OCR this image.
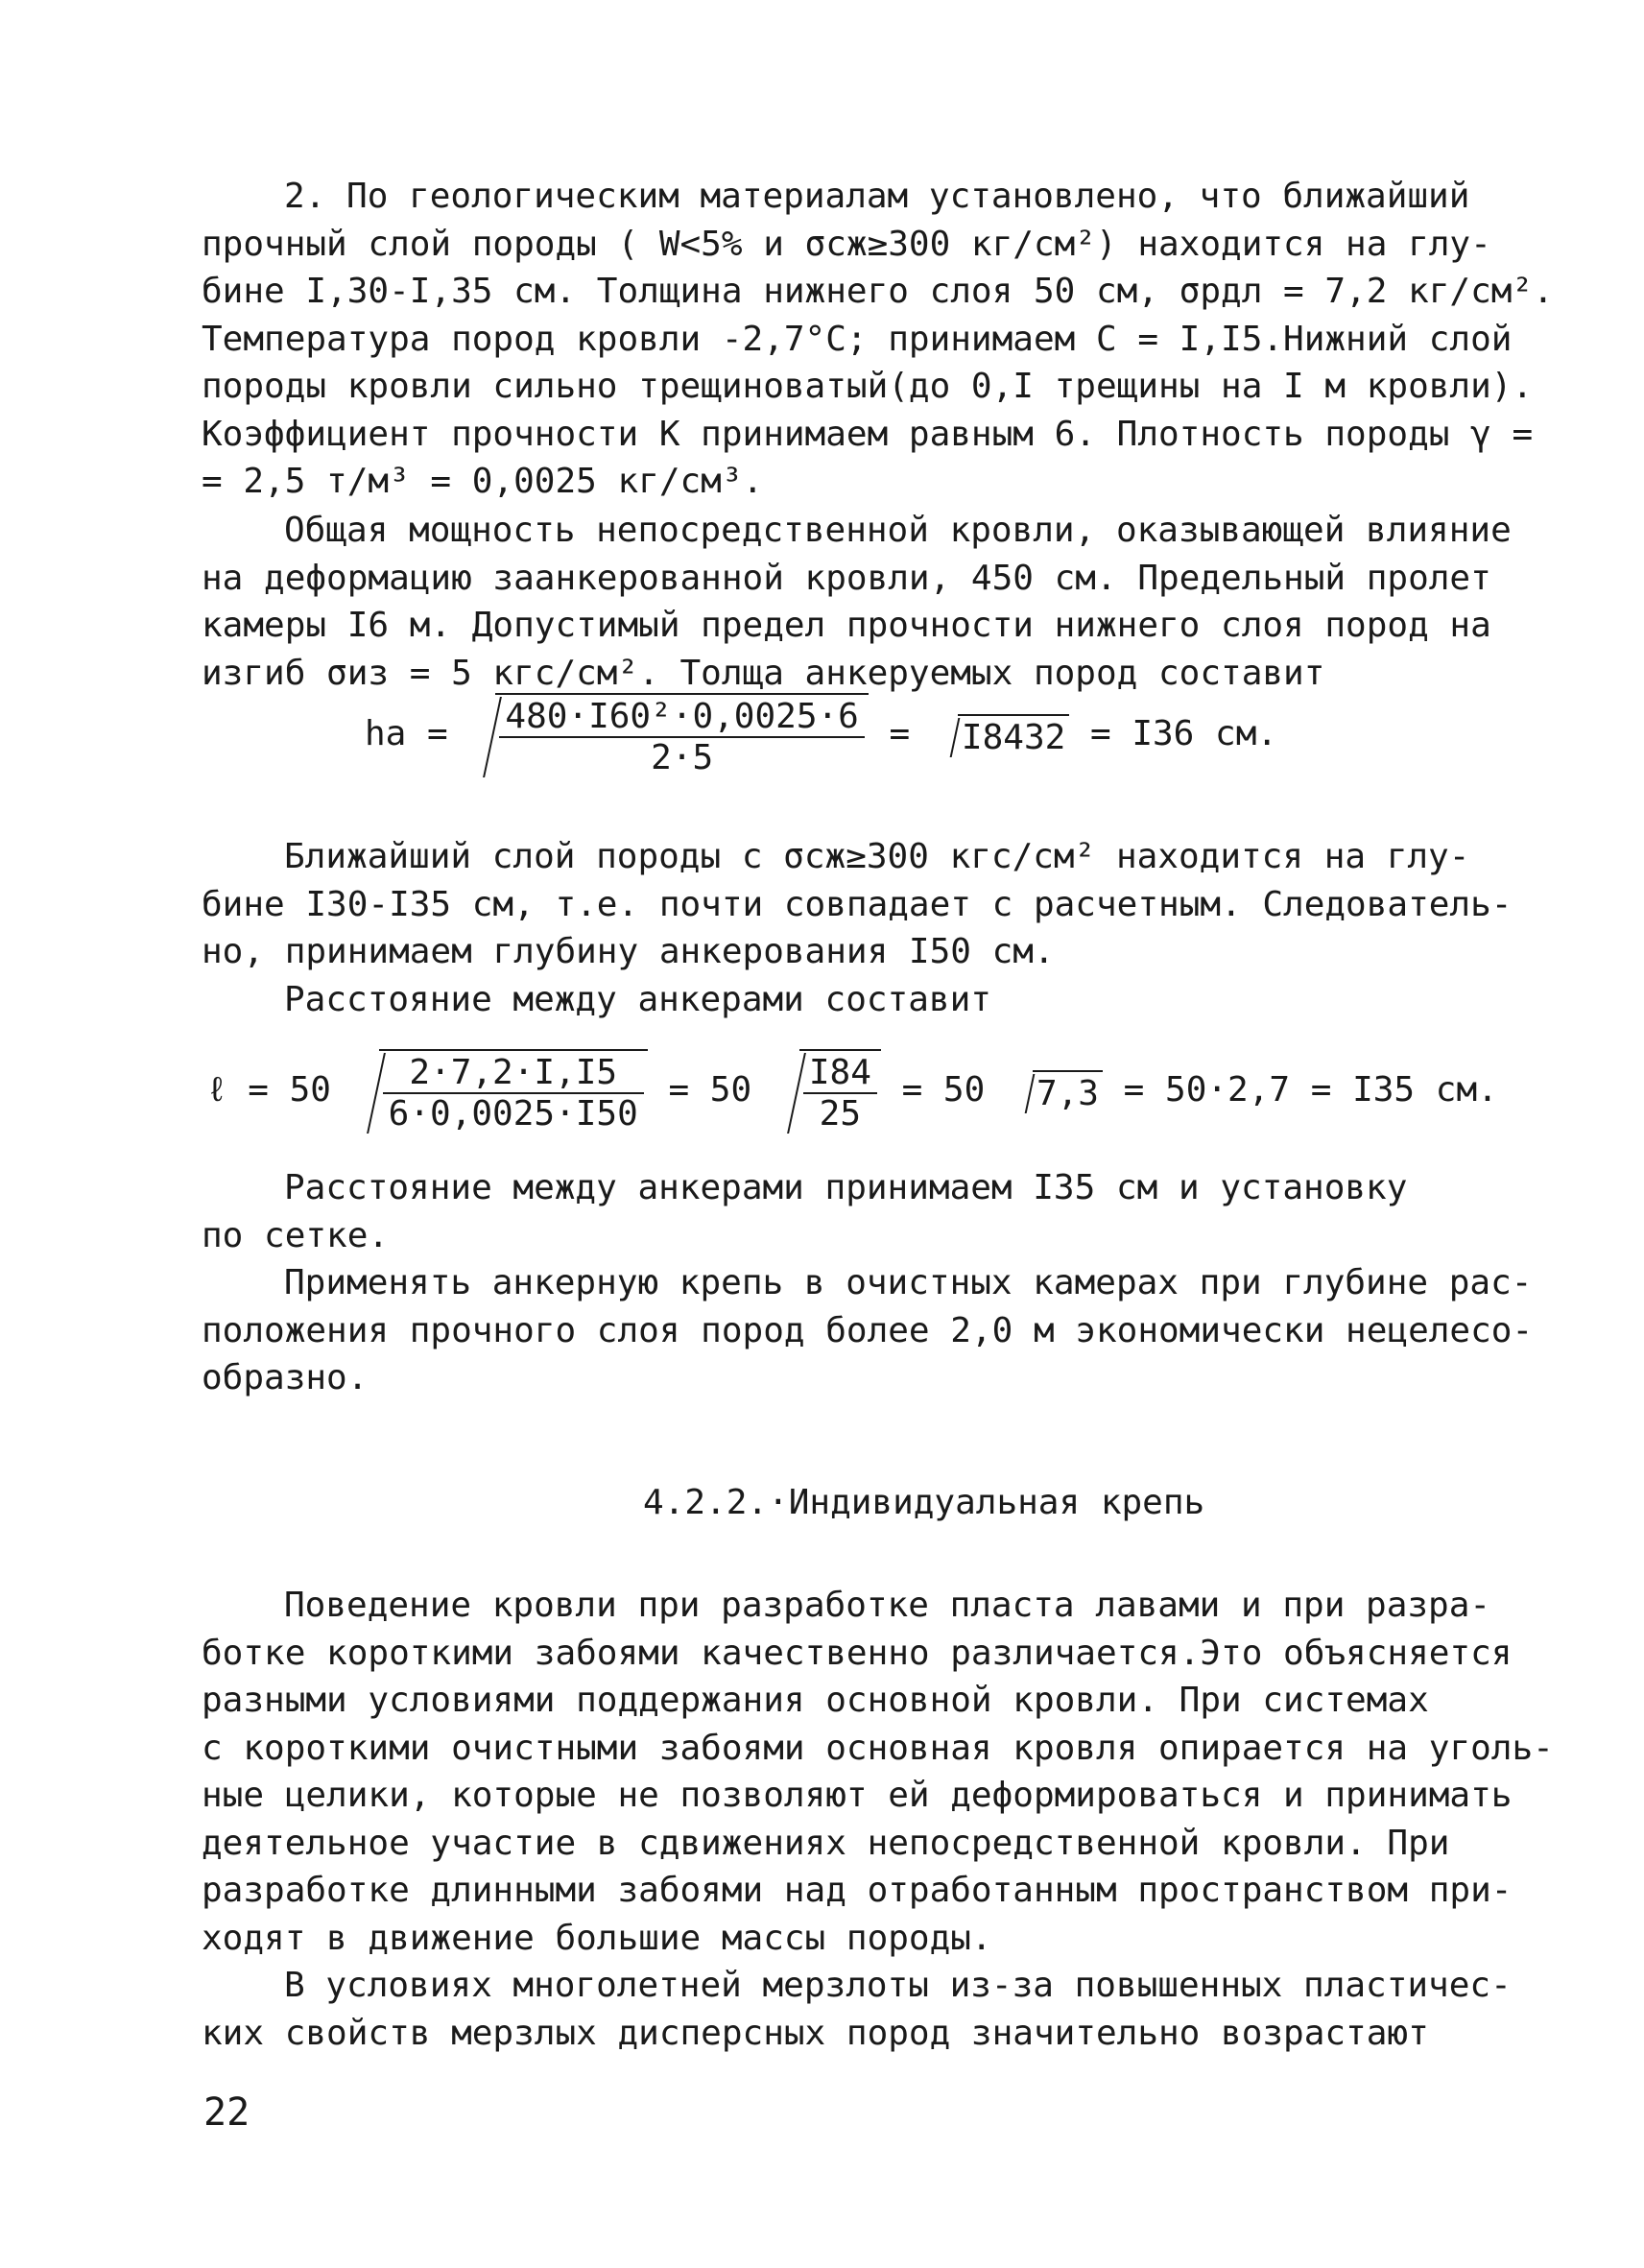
2. По геологическим материалам установлено, что ближайший
прочный слой породы ( W<5% и σсж≥300 кг/см²) находится на глу-
бине I,30-I,35 см. Толщина нижнего слоя 50 см, σрдл = 7,2 кг/см².
Температура пород кровли -2,7°С; принимаем С = I,I5.Нижний слой
породы кровли сильно трещиноватый(до 0,I трещины на I м кровли).
Коэффициент прочности К принимаем равным 6. Плотность породы γ =
= 2,5 т/м³ = 0,0025 кг/см³.
Общая мощность непосредственной кровли, оказывающей влияние
на деформацию заанкерованной кровли, 450 см. Предельный пролет
камеры I6 м. Допустимый предел прочности нижнего слоя пород на
изгиб σиз = 5 кгс/см². Толща анкеруемых пород составит
hа = $\frac{\text{480·I60²·0,0025·6}}{2\cdot 5} = I8432 = I36$ см.
Ближайший слой породы с σсж≥300 кгс/см² находится на глу-
бине I30-I35 см, т.е. почти совпадает с расчетным. Следователь-
но, принимаем глубину анкерования I50 см.
Расстояние между анкерами составит
ℓ = $50 \frac{2\cdot 7,2\cdot I,I5}{6\cdot 0,0025\cdot I50} = 50 \frac{I84}{25} = 50$ 7,3 = 50·2,7 = I35 см.
Расстояние между анкерами принимаем I35 см и установку
по сетке.
Применять анкерную крепь в очистных камерах при глубине рас-
положения прочного слоя пород более 2,0 м экономически нецелесо-
образно.
4.2.2.·Индивидуальная крепь
Поведение кровли при разработке пласта лавами и при разра-
ботке короткими забоями качественно различается.Это объясняется
разными условиями поддержания основной кровли. При системах
с короткими очистными забоями основная кровля опирается на уголь-
ные целики, которые не позволяют ей деформироваться и принимать
деятельное участие в сдвижениях непосредственной кровли. При
разработке длинными забоями над отработанным пространством при-
ходят в движение большие массы породы.
В условиях многолетней мерзлоты из-за повышенных пластичес-
ких свойств мерзлых дисперсных пород значительно возрастают
22
